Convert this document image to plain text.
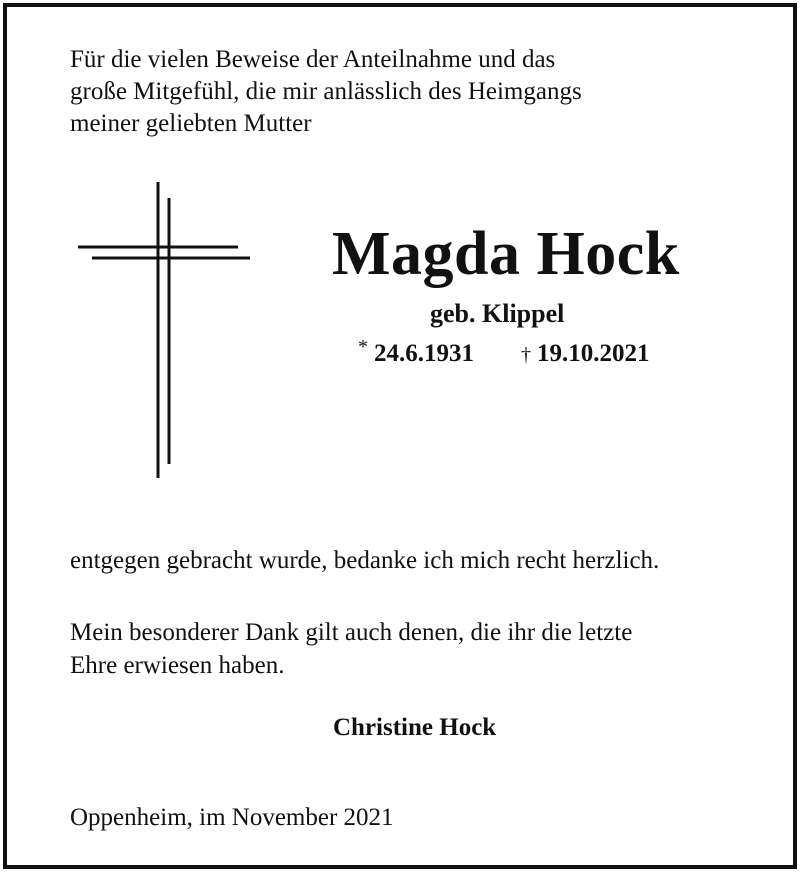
Für die vielen Beweise der Anteilnahme und das
große Mitgefühl, die mir anlässlich des Heimgangs
meiner geliebten Mutter
Magda Hock
geb. Klippel
* 24.6.1931 † 19.10.2021
entgegen gebracht wurde, bedanke ich mich recht herzlich.
Mein besonderer Dank gilt auch denen, die ihr die letzte
Ehre erwiesen haben.
Christine Hock
Oppenheim, im November 2021
